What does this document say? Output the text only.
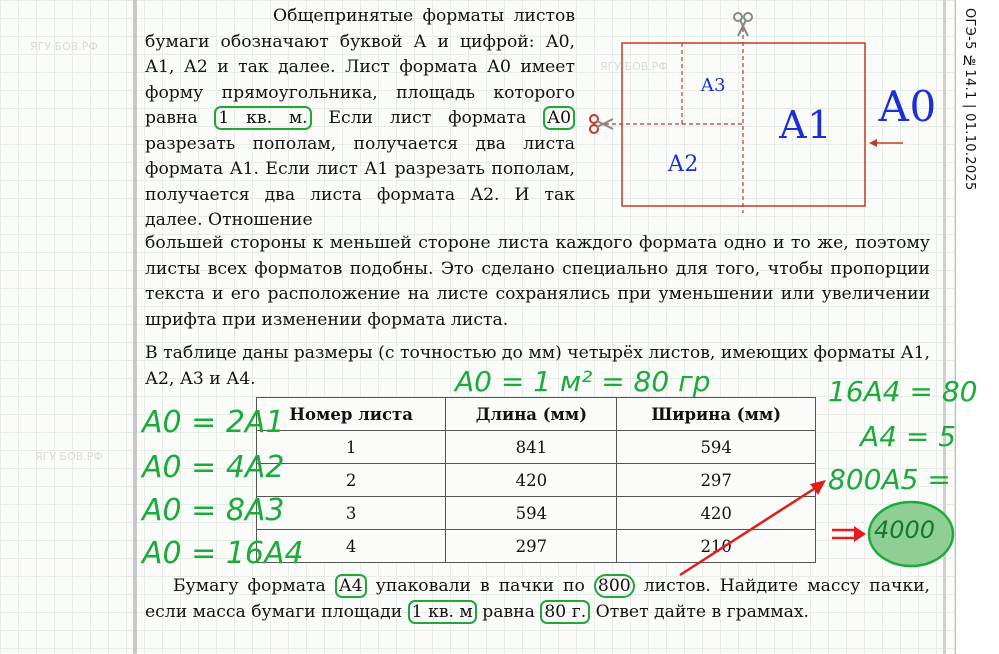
ОГЭ-5 №14.1 | 01.10.2025
ЯГУ БОВ.РФ
ЯГУ БОВ.РФ
ЯГУ БОВ.РФ
Общепринятые форматы листов бумаги обозначают буквой А и цифрой: А0, А1, А2 и так далее. Лист формата А0 имеет форму прямоугольника, площадь которого равна 1 кв. м. Если лист формата А0 разрезать пополам, получается два листа формата А1. Если лист А1 разрезать пополам, получается два листа формата А2. И так далее. Отношение
большей стороны к меньшей стороне листа каждого формата одно и то же, поэтому листы всех форматов подобны. Это сделано специально для того, чтобы пропорции текста и его расположение на листе сохранялись при уменьшении или увеличении шрифта при изменении формата листа.
В таблице даны размеры (с точностью до мм) четырёх листов, имеющих форматы А1, А2, А3 и А4.
Номер листа	Длина (мм)	Ширина (мм)
1	841	594
2	420	297
3	594	420
4	297	210
Бумагу формата А4 упаковали в пачки по 800 листов. Найдите массу пачки, если масса бумаги площади 1 кв. м равна 80 г. Ответ дайте в граммах.
А3
А2
А1 А0
A0 = 2A1
A0 = 4A2
A0 = 8A3
A0 = 16A4
A0 = 1 м² = 80 гр	16A4 = 80
A4 = 5
800A5 =
4000
